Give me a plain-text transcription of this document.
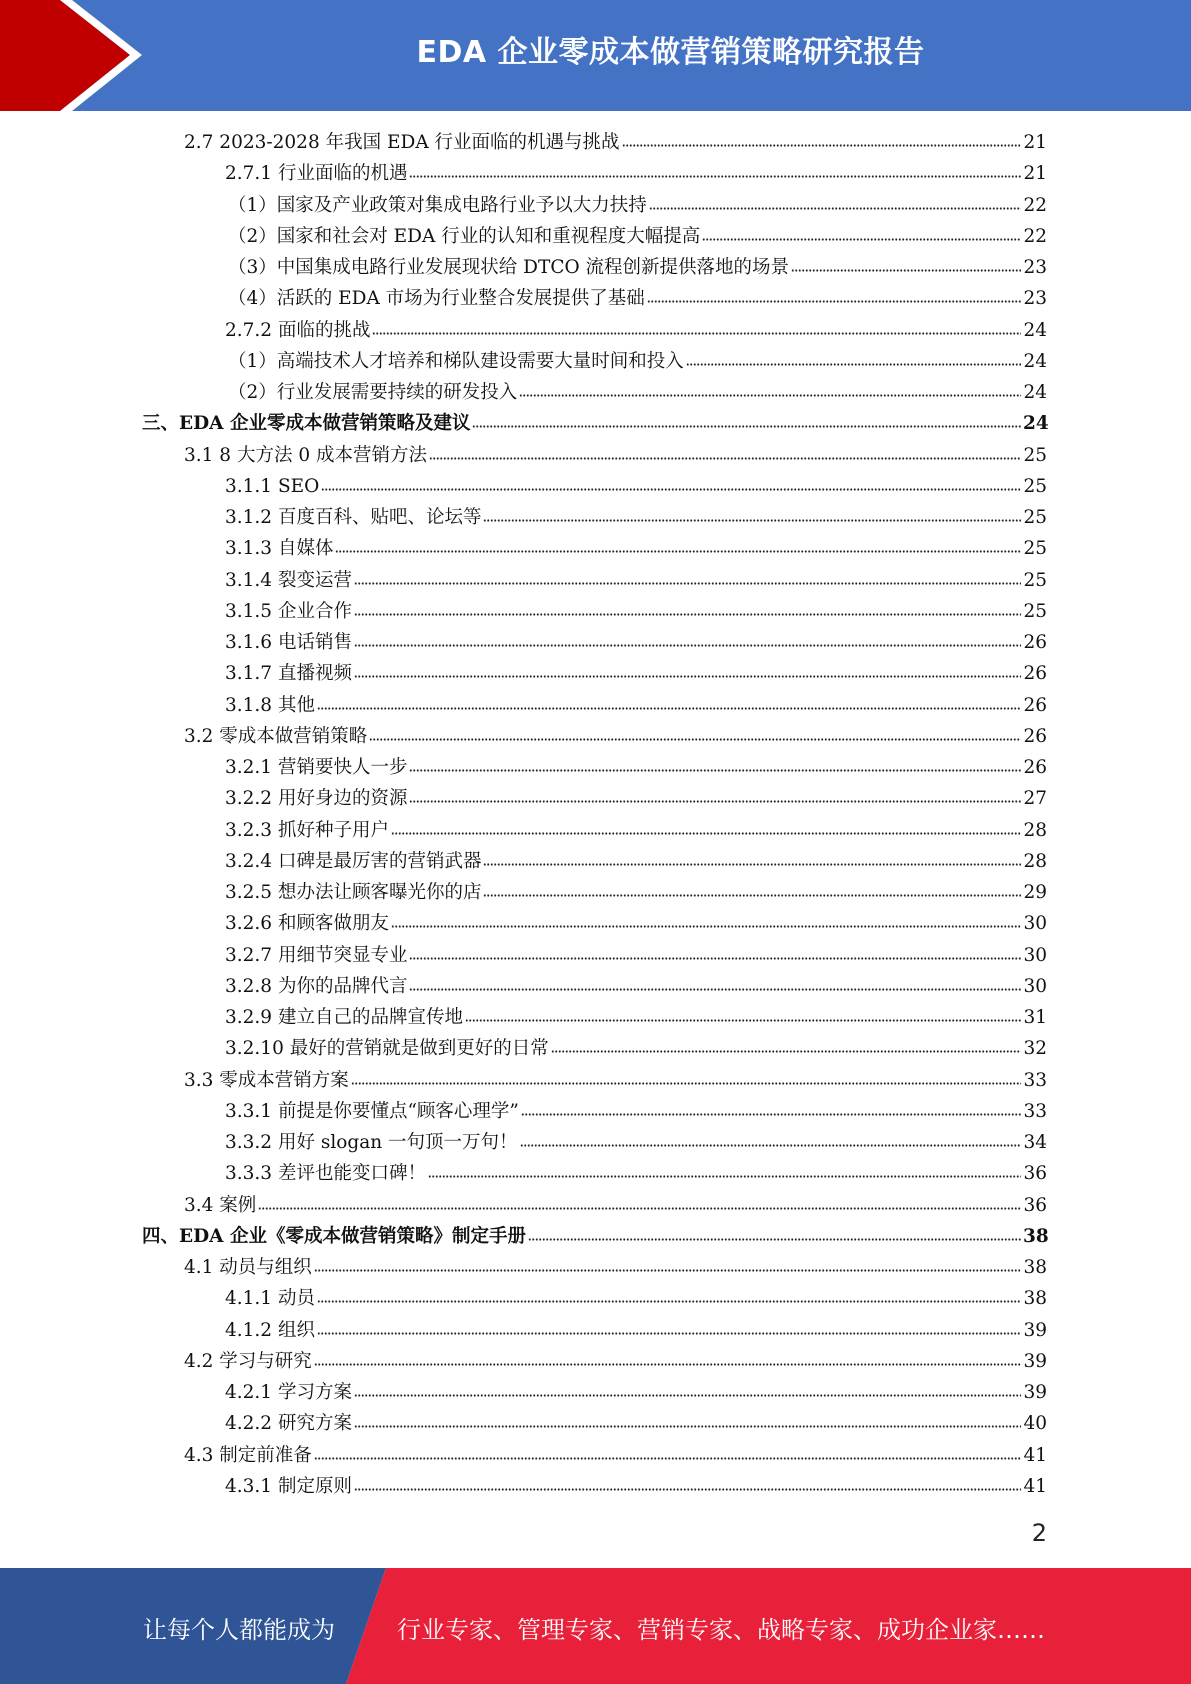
EDA 企业零成本做营销策略研究报告
2.7 2023-2028 年我国 EDA 行业面临的机遇与挑战	21
2.7.1 行业面临的机遇	21
（1）国家及产业政策对集成电路行业予以大力扶持	22
（2）国家和社会对 EDA 行业的认知和重视程度大幅提高	22
（3）中国集成电路行业发展现状给 DTCO 流程创新提供落地的场景	23
（4）活跃的 EDA 市场为行业整合发展提供了基础	23
2.7.2 面临的挑战	24
（1）高端技术人才培养和梯队建设需要大量时间和投入	24
（2）行业发展需要持续的研发投入	24
三、EDA 企业零成本做营销策略及建议	24
3.1 8 大方法 0 成本营销方法	25
3.1.1 SEO	25
3.1.2 百度百科、贴吧、论坛等	25
3.1.3 自媒体	25
3.1.4 裂变运营	25
3.1.5 企业合作	25
3.1.6 电话销售	26
3.1.7 直播视频	26
3.1.8 其他	26
3.2 零成本做营销策略	26
3.2.1 营销要快人一步	26
3.2.2 用好身边的资源	27
3.2.3 抓好种子用户	28
3.2.4 口碑是最厉害的营销武器	28
3.2.5 想办法让顾客曝光你的店	29
3.2.6 和顾客做朋友	30
3.2.7 用细节突显专业	30
3.2.8 为你的品牌代言	30
3.2.9 建立自己的品牌宣传地	31
3.2.10 最好的营销就是做到更好的日常	32
3.3 零成本营销方案	33
3.3.1 前提是你要懂点“顾客心理学”	33
3.3.2 用好 slogan 一句顶一万句！	34
3.3.3 差评也能变口碑！	36
3.4 案例	36
四、EDA 企业《零成本做营销策略》制定手册	38
4.1 动员与组织	38
4.1.1 动员	38
4.1.2 组织	39
4.2 学习与研究	39
4.2.1 学习方案	39
4.2.2 研究方案	40
4.3 制定前准备	41
4.3.1 制定原则	41
2
让每个人都能成为	行业专家、管理专家、营销专家、战略专家、成功企业家……
